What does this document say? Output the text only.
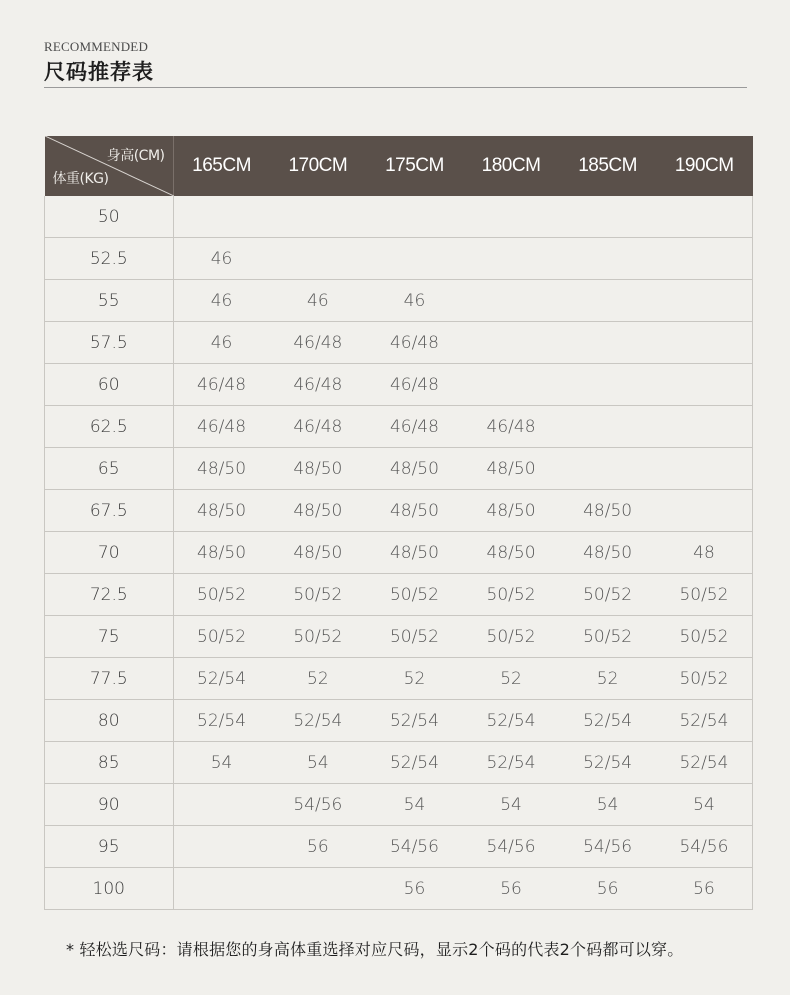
RECOMMENDED
尺码推荐表
身高(CM)
体重(KG)	165CM	170CM	175CM	180CM	185CM	190CM
50						
52.5	46					
55	46	46	46			
57.5	46	46/48	46/48			
60	46/48	46/48	46/48			
62.5	46/48	46/48	46/48	46/48		
65	48/50	48/50	48/50	48/50		
67.5	48/50	48/50	48/50	48/50	48/50	
70	48/50	48/50	48/50	48/50	48/50	48
72.5	50/52	50/52	50/52	50/52	50/52	50/52
75	50/52	50/52	50/52	50/52	50/52	50/52
77.5	52/54	52	52	52	52	50/52
80	52/54	52/54	52/54	52/54	52/54	52/54
85	54	54	52/54	52/54	52/54	52/54
90		54/56	54	54	54	54
95		56	54/56	54/56	54/56	54/56
100			56	56	56	56
* 轻松选尺码：请根据您的身高体重选择对应尺码，显示2个码的代表2个码都可以穿。
